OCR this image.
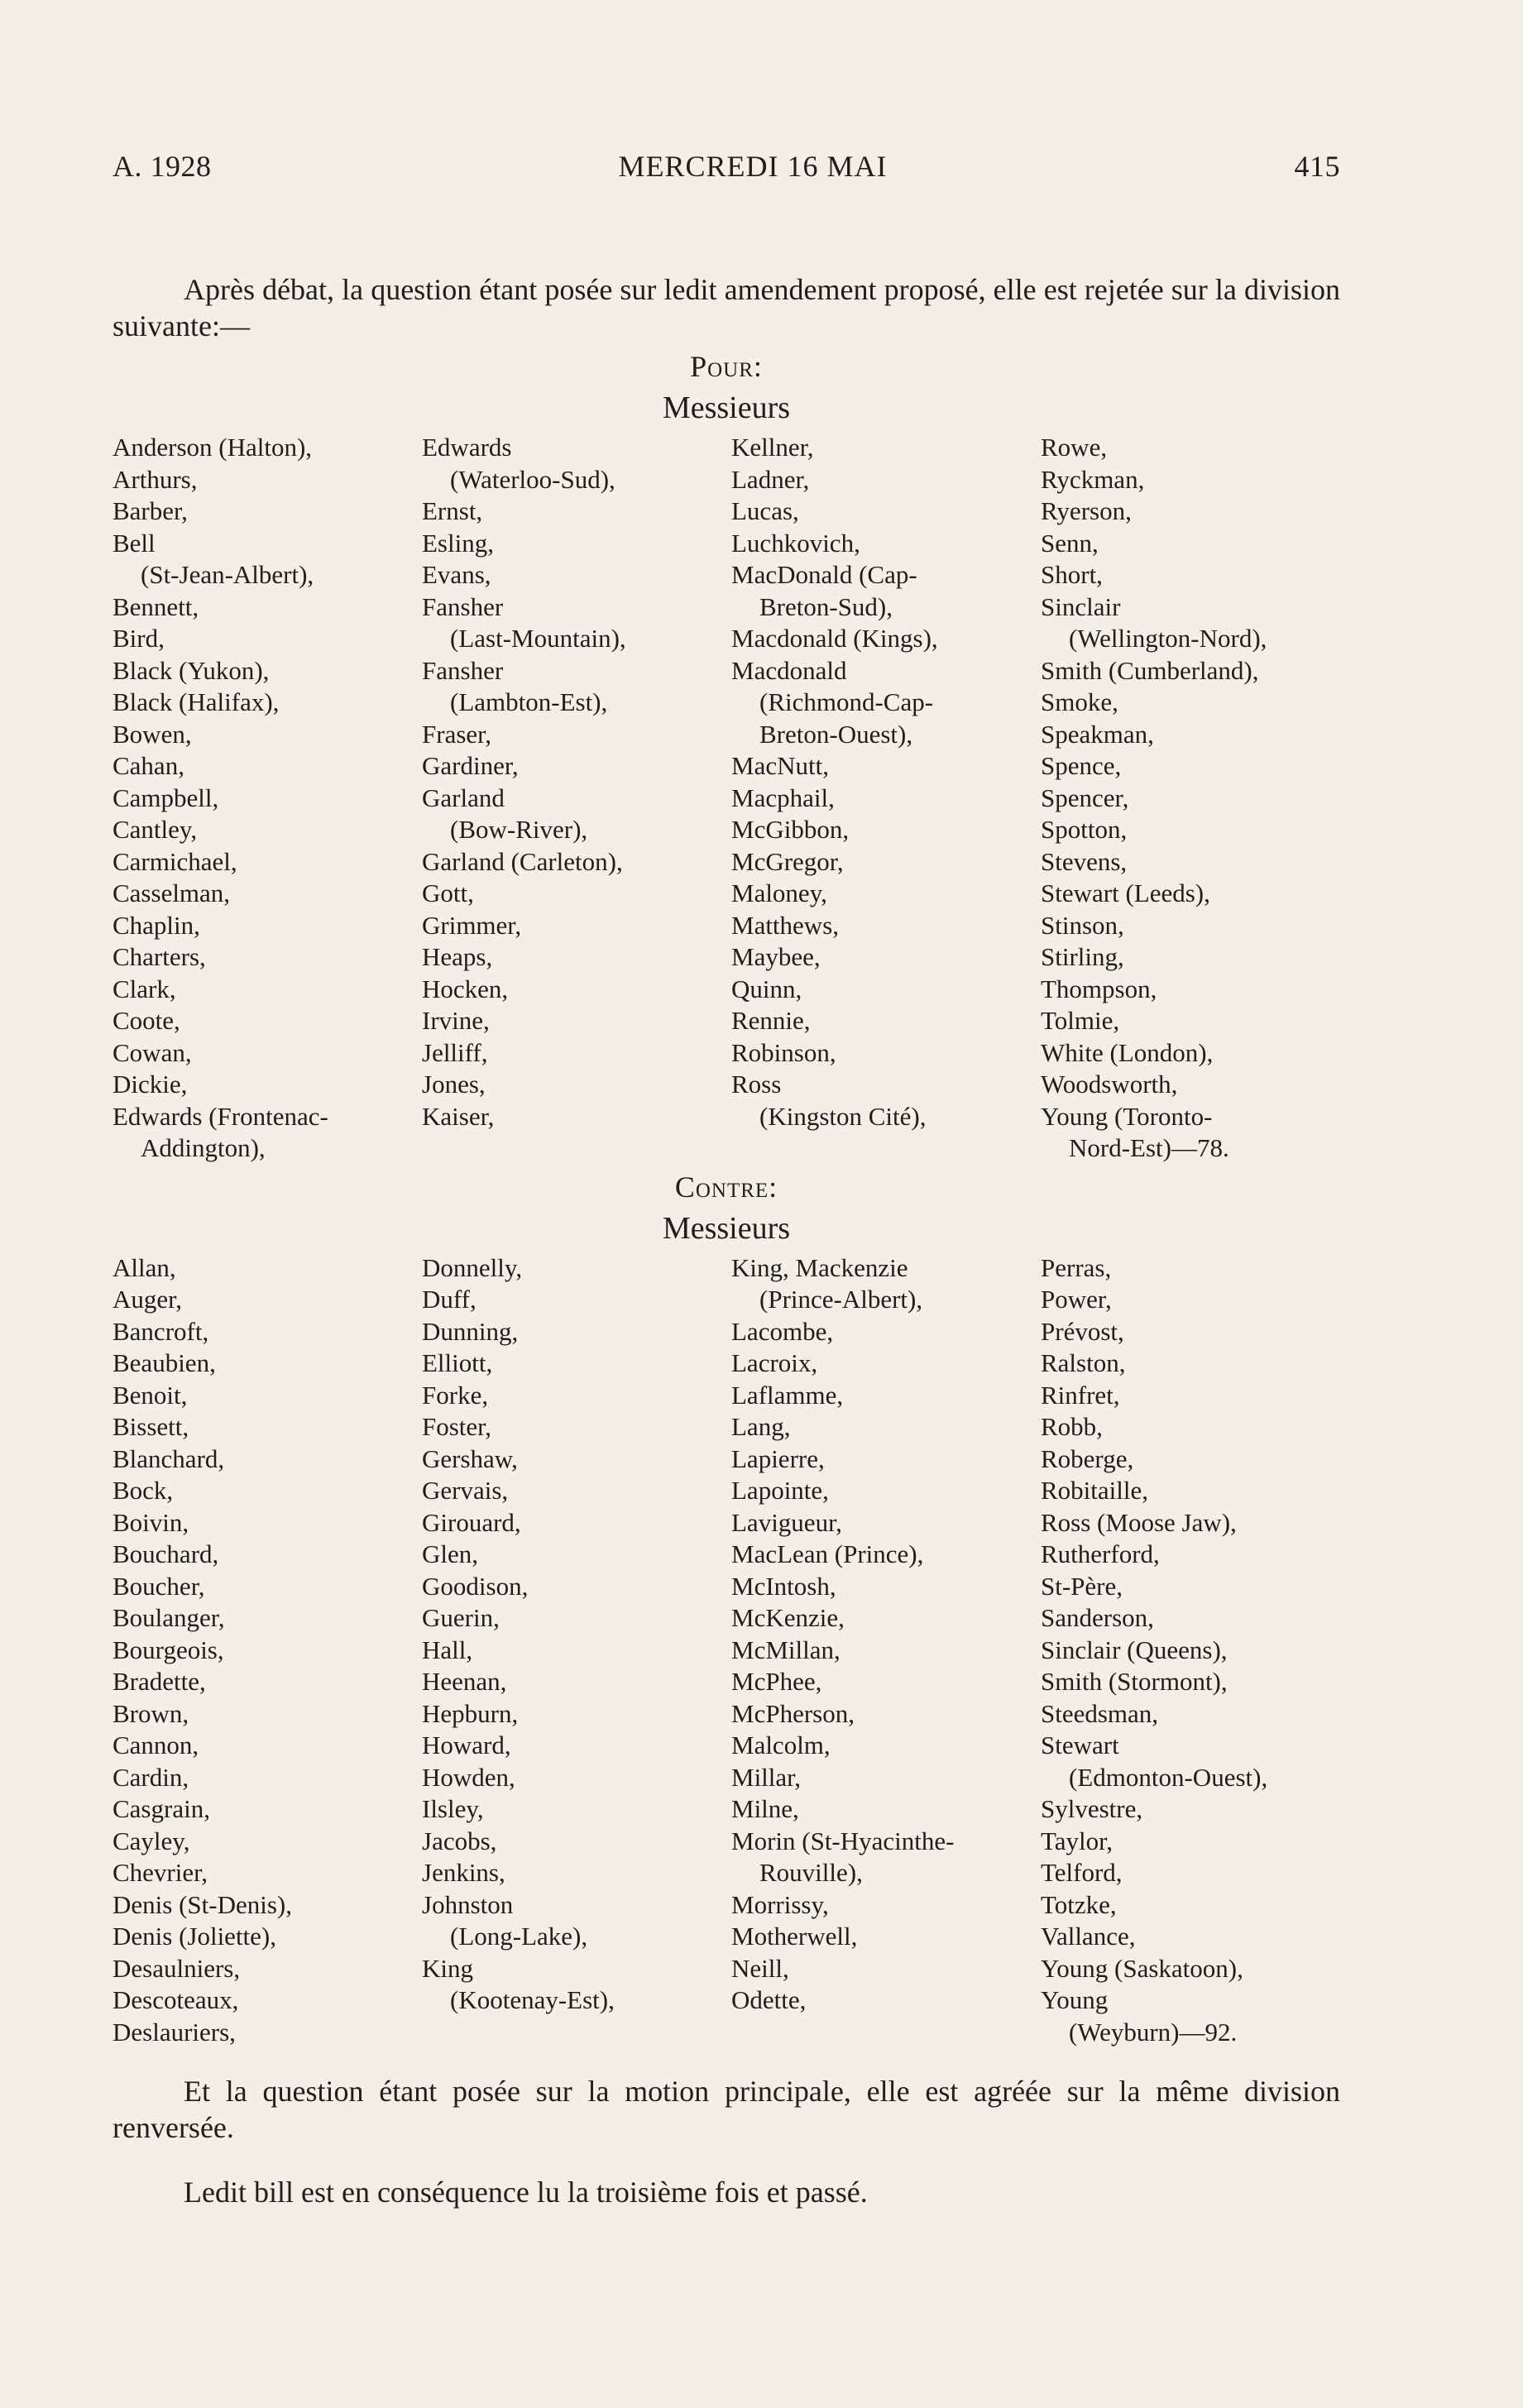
A. 1928	MERCREDI 16 MAI	415

Après débat, la question étant posée sur ledit amendement proposé, elle est rejetée sur la division suivante:—

Pour:

Messieurs

Anderson (Halton),
Arthurs,
Barber,
Bell
(St-Jean-Albert),
Bennett,
Bird,
Black (Yukon),
Black (Halifax),
Bowen,
Cahan,
Campbell,
Cantley,
Carmichael,
Casselman,
Chaplin,
Charters,
Clark,
Coote,
Cowan,
Dickie,
Edwards (Frontenac-
Addington),
Edwards
(Waterloo-Sud),
Ernst,
Esling,
Evans,
Fansher
(Last-Mountain),
Fansher
(Lambton-Est),
Fraser,
Gardiner,
Garland
(Bow-River),
Garland (Carleton),
Gott,
Grimmer,
Heaps,
Hocken,
Irvine,
Jelliff,
Jones,
Kaiser,
Kellner,
Ladner,
Lucas,
Luchkovich,
MacDonald (Cap-
Breton-Sud),
Macdonald (Kings),
Macdonald
(Richmond-Cap-
Breton-Ouest),
MacNutt,
Macphail,
McGibbon,
McGregor,
Maloney,
Matthews,
Maybee,
Quinn,
Rennie,
Robinson,
Ross
(Kingston Cité),
Rowe,
Ryckman,
Ryerson,
Senn,
Short,
Sinclair
(Wellington-Nord),
Smith (Cumberland),
Smoke,
Speakman,
Spence,
Spencer,
Spotton,
Stevens,
Stewart (Leeds),
Stinson,
Stirling,
Thompson,
Tolmie,
White (London),
Woodsworth,
Young (Toronto-
Nord-Est)—78.

Contre:

Messieurs

Allan,
Auger,
Bancroft,
Beaubien,
Benoit,
Bissett,
Blanchard,
Bock,
Boivin,
Bouchard,
Boucher,
Boulanger,
Bourgeois,
Bradette,
Brown,
Cannon,
Cardin,
Casgrain,
Cayley,
Chevrier,
Denis (St-Denis),
Denis (Joliette),
Desaulniers,
Descoteaux,
Deslauriers,
Donnelly,
Duff,
Dunning,
Elliott,
Forke,
Foster,
Gershaw,
Gervais,
Girouard,
Glen,
Goodison,
Guerin,
Hall,
Heenan,
Hepburn,
Howard,
Howden,
Ilsley,
Jacobs,
Jenkins,
Johnston
(Long-Lake),
King
(Kootenay-Est),
King, Mackenzie
(Prince-Albert),
Lacombe,
Lacroix,
Laflamme,
Lang,
Lapierre,
Lapointe,
Lavigueur,
MacLean (Prince),
McIntosh,
McKenzie,
McMillan,
McPhee,
McPherson,
Malcolm,
Millar,
Milne,
Morin (St-Hyacinthe-
Rouville),
Morrissy,
Motherwell,
Neill,
Odette,
Perras,
Power,
Prévost,
Ralston,
Rinfret,
Robb,
Roberge,
Robitaille,
Ross (Moose Jaw),
Rutherford,
St-Père,
Sanderson,
Sinclair (Queens),
Smith (Stormont),
Steedsman,
Stewart
(Edmonton-Ouest),
Sylvestre,
Taylor,
Telford,
Totzke,
Vallance,
Young (Saskatoon),
Young
(Weyburn)—92.

Et la question étant posée sur la motion principale, elle est agréée sur la même division renversée.

Ledit bill est en conséquence lu la troisième fois et passé.
